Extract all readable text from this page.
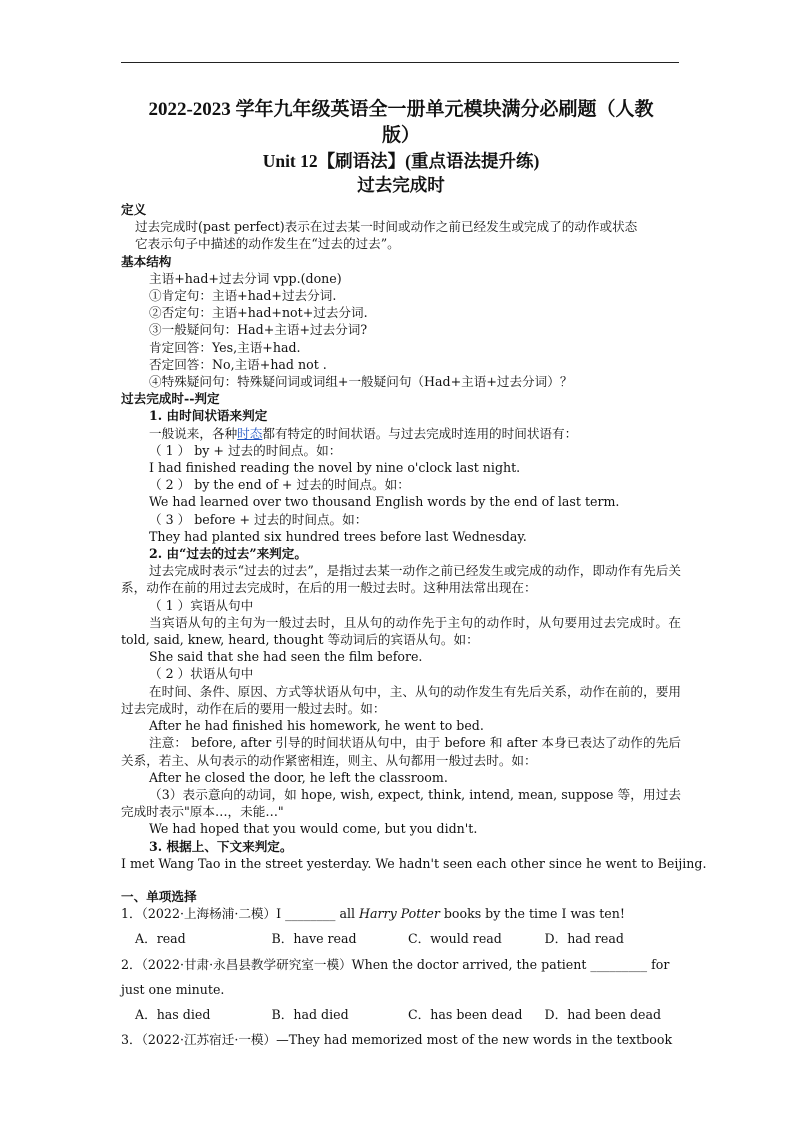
2022-2023 学年九年级英语全一册单元模块满分必刷题（人教

版）

Unit 12【刷语法】(重点语法提升练)

过去完成时

定义

过去完成时(past perfect)表示在过去某一时间或动作之前已经发生或完成了的动作或状态

它表示句子中描述的动作发生在“过去的过去”。

基本结构

主语+had+过去分词 vpp.(done)

①肯定句：主语+had+过去分词.

②否定句：主语+had+not+过去分词.

③一般疑问句：Had+主语+过去分词?

肯定回答：Yes,主语+had.

否定回答：No,主语+had not .

④特殊疑问句：特殊疑问词或词组+一般疑问句（Had+主语+过去分词）？

过去完成时--判定

1. 由时间状语来判定

一般说来，各种时态都有特定的时间状语。与过去完成时连用的时间状语有：

（ 1 ） by + 过去的时间点。如：

I had finished reading the novel by nine o'clock last night.

（ 2 ） by the end of + 过去的时间点。如：

We had learned over two thousand English words by the end of last term.

（ 3 ） before + 过去的时间点。如：

They had planted six hundred trees before last Wednesday.

2. 由“过去的过去”来判定。

过去完成时表示“过去的过去”，是指过去某一动作之前已经发生或完成的动作，即动作有先后关系，动作在前的用过去完成时，在后的用一般过去时。这种用法常出现在：

（ 1 ）宾语从句中

当宾语从句的主句为一般过去时，且从句的动作先于主句的动作时，从句要用过去完成时。在 told, said, knew, heard, thought 等动词后的宾语从句。如：

She said that she had seen the film before.

（ 2 ）状语从句中

在时间、条件、原因、方式等状语从句中，主、从句的动作发生有先后关系，动作在前的，要用过去完成时，动作在后的要用一般过去时。如：

After he had finished his homework, he went to bed.

注意： before, after 引导的时间状语从句中，由于 before 和 after 本身已表达了动作的先后关系，若主、从句表示的动作紧密相连，则主、从句都用一般过去时。如：

After he closed the door, he left the classroom.

（3）表示意向的动词，如 hope, wish, expect, think, intend, mean, suppose 等，用过去完成时表示"原本…，未能…"

We had hoped that you would come, but you didn't.

3. 根据上、下文来判定。

I met Wang Tao in the street yesterday. We hadn't seen each other since he went to Beijing.

一、单项选择

1．（2022·上海杨浦·二模）I ________ all Harry Potter books by the time I was ten!

A．read	B．have read	C．would read	D．had read

2．（2022·甘肃·永昌县教学研究室一模）When the doctor arrived, the patient _________ for

just one minute.

A．has died	B．had died	C．has been dead	D．had been dead

3．（2022·江苏宿迁·一模）—They had memorized most of the new words in the textbook
